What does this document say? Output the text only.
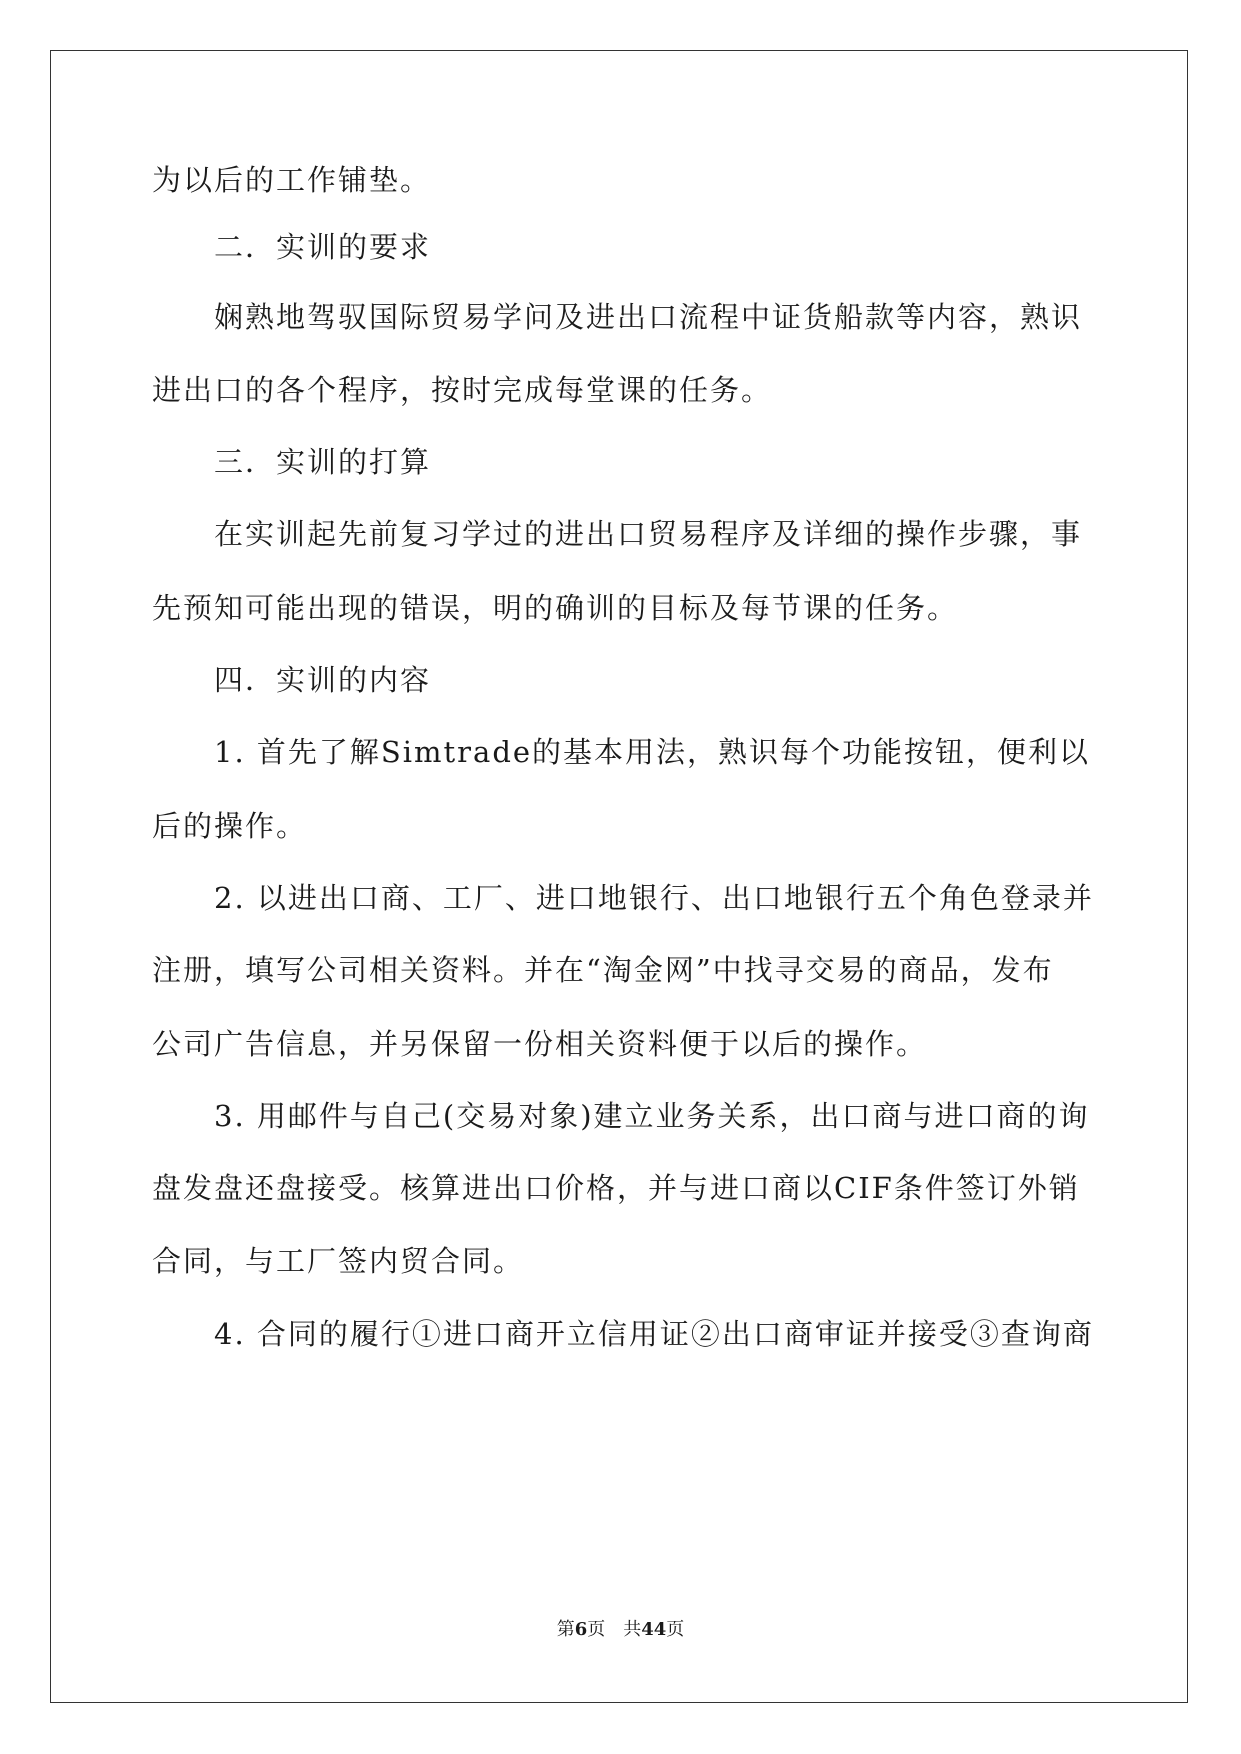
为以后的工作铺垫。
二．实训的要求
娴熟地驾驭国际贸易学问及进出口流程中证货船款等内容，熟识
进出口的各个程序，按时完成每堂课的任务。
三．实训的打算
在实训起先前复习学过的进出口贸易程序及详细的操作步骤，事
先预知可能出现的错误，明的确训的目标及每节课的任务。
四．实训的内容
1. 首先了解Simtrade的基本用法，熟识每个功能按钮，便利以
后的操作。
2. 以进出口商、工厂、进口地银行、出口地银行五个角色登录并
注册，填写公司相关资料。并在“淘金网”中找寻交易的商品，发布
公司广告信息，并另保留一份相关资料便于以后的操作。
3. 用邮件与自己(交易对象)建立业务关系，出口商与进口商的询
盘发盘还盘接受。核算进出口价格，并与进口商以CIF条件签订外销
合同，与工厂签内贸合同。
4. 合同的履行①进口商开立信用证②出口商审证并接受③查询商
第6页　共44页
